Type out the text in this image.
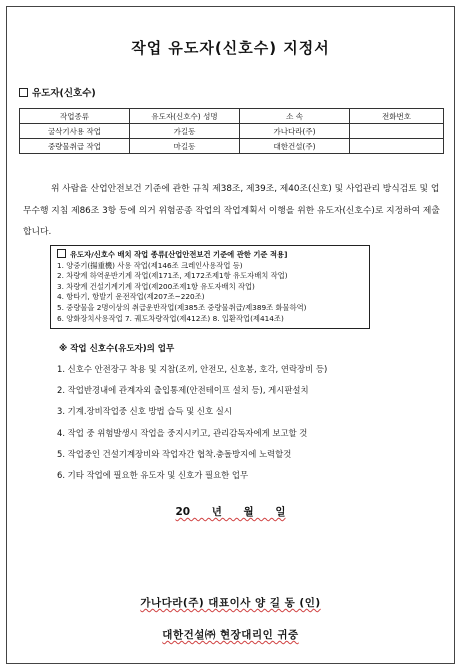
작업 유도자(신호수) 지정서
유도자(신호수)
작업종류	유도자(신호수) 성명	소 속	전화번호
굴삭기사용 작업	가길동	가나다라(주)	
중량물취급 작업	마길동	대한건설(주)	
위 사람을 산업안전보건 기준에 관한 규칙 제38조, 제39조, 제40조(신호) 및 사업관리 방식검토 및 업무수행 지침 제86조 3항 등에 의거 위험공종 작업의 작업계획서 이행을 위한 유도자(신호수)로 지정하여 제출합니다.
유도자/신호수 배치 작업 종류[산업안전보건 기준에 관한 기준 적용]
1. 양중기(揚重機) 사용 작업(제146조 크레인사용작업 등)
2. 차량계 하역운반기계 작업(제171조, 제172조제1항 유도자배치 작업)
3. 차량계 건설기계기계 작업(제200조제1항 유도자배치 작업)
4. 항타기, 항발기 운전작업(제207조~220조)
5. 중량물을 2명이상의 취급운반작업(제385조 중량물취급/제389조 화물하역)
6. 양화장치사용작업 7. 궤도차량작업(제412조) 8. 입환작업(제414조)
※ 작업 신호수(유도자)의 업무
1. 신호수 안전장구 착용 및 지참(조끼, 안전모, 신호봉, 호각, 연락장비 등)
2. 작업반경내에 관계자외 출입통제(안전테이프 설치 등), 게시판설치
3. 기계.장비작업중 신호 방법 습득 및 신호 실시
4. 작업 중 위험발생시 작업을 중지시키고, 관리감독자에게 보고할 것
5. 작업중인 건설기계장비와 작업자간 협착.충돌방지에 노력할것
6. 기타 작업에 필요한 유도자 및 신호가 필요한 업무
20 년 월 일
가나다라(주) 대표이사 양 길 동 (인)
대한건설㈜ 현장대리인 귀중
